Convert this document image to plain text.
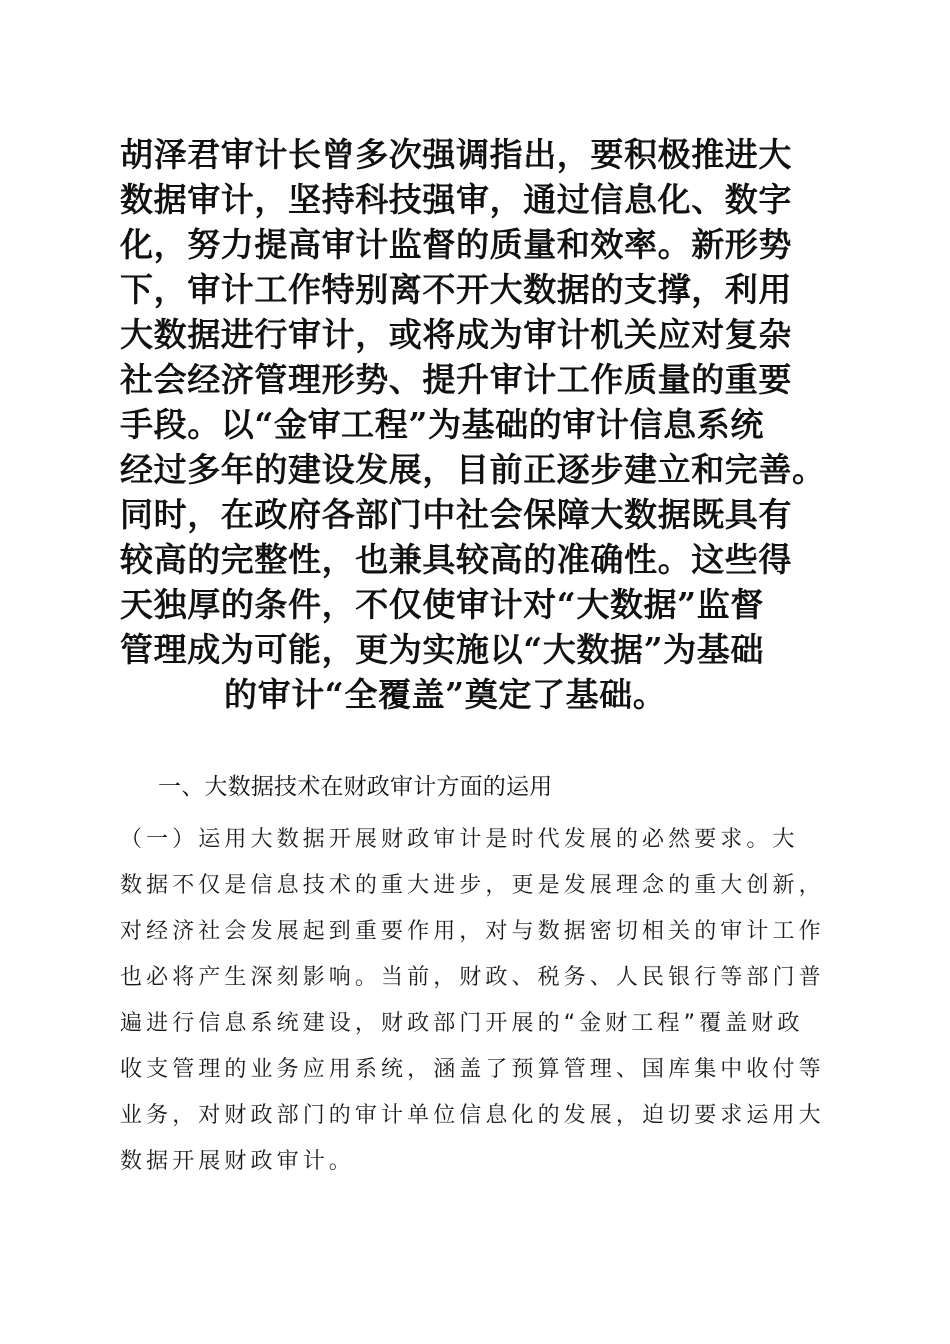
胡泽君审计长曾多次强调指出，要积极推进大
数据审计，坚持科技强审，通过信息化、数字
化，努力提高审计监督的质量和效率。新形势
下，审计工作特别离不开大数据的支撑，利用
大数据进行审计，或将成为审计机关应对复杂
社会经济管理形势、提升审计工作质量的重要
手段。以“金审工程”为基础的审计信息系统
经过多年的建设发展，目前正逐步建立和完善。
同时，在政府各部门中社会保障大数据既具有
较高的完整性，也兼具较高的准确性。这些得
天独厚的条件，不仅使审计对“大数据”监督
管理成为可能，更为实施以“大数据”为基础
的审计“全覆盖”奠定了基础。
一、大数据技术在财政审计方面的运用
（一）运用大数据开展财政审计是时代发展的必然要求。大
数据不仅是信息技术的重大进步，更是发展理念的重大创新，
对经济社会发展起到重要作用，对与数据密切相关的审计工作
也必将产生深刻影响。当前，财政、税务、人民银行等部门普
遍进行信息系统建设，财政部门开展的“金财工程”覆盖财政
收支管理的业务应用系统，涵盖了预算管理、国库集中收付等
业务，对财政部门的审计单位信息化的发展，迫切要求运用大
数据开展财政审计。
